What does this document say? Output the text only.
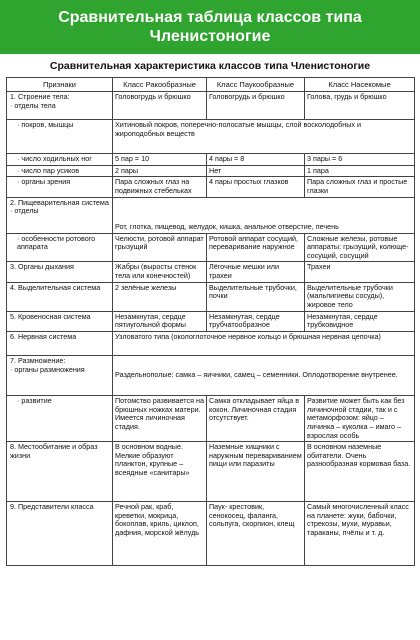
Сравнительная таблица классов типа
Членистоногие
Сравнительная характеристика классов типа Членистоногие
Признаки	Класс Ракообразные	Класс Паукообразные	Класс Насекомые
1. Строение тела:
· отделы тела	Головогрудь и брюшко	Головогрудь и брюшко	Голова, грудь и брюшко
· покров, мышцы	Хитиновый покров, поперечно-полосатые мышцы, слой восколодобных и жироподобных веществ		
· число ходильных ног	5 пар = 10	4 пары = 8	3 пары = 6
· число пар усиков	2 пары	Нет	1 пара
· органы зрения	Пара сложных глаз на подвижных стебельках	4 пары простых глазков	Пара сложных глаз и простые глазки
2. Пищеварительная система
· отделы	Рот, глотка, пищевод, желудок, кишка, анальное отверстие, печень		
· особенности ротового аппарата	Челюсти, ротовой аппарат грызущий	Ротовой аппарат сосущий, переваривание наружное	Сложные железы, ротовые аппараты: грызущий, колюще-сосущий, сосущий
3. Органы дыхания	Жабры (выросты стенок тела или конечностей)	Лёгочные мешки или трахеи	Трахеи
4. Выделительная система	2 зелёные железы	Выделительные трубочки, почки	Выделительные трубочки (мальпигиевы сосуды), жировое тело
5. Кровеносная система	Незамкнутая, сердце пятиугольной формы	Незамкнутая, сердце трубчатообразное	Незамкнутая, сердце трубковидное
6. Нервная система	Узловатого типа (окологлоточное нервное кольцо и брюшная нервная цепочка)		
7. Размножение:
· органы размножения	Раздельнополые: самка – яичники, самец – семенники. Оплодотворение внутренее.		
· развитие	Потомство развивается на брюшных ножках матери. Имеется личиночная стадия.	Самка откладывает яйца в кокон. Личиночная стадия отсутствует.	Развитие может быть как без личиночной стадии, так и с метаморфозом: яйцо – личинка – куколка – имаго – взрослая особь
8. Местообитание и образ жизни	В основном водные. Мелкие образуют планктон, крупные – всеядные «санитары»	Наземные хищники с наружным перевариванием пищи или паразиты	В основном наземные обитатели. Очень разнообразная кормовая база.
9. Представители класса	Речной рак, краб, креветки, мокрица, бокоплав, криль, циклоп, дафния, морской жёлудь	Паук- крестовик, сенокосец, фаланга, сольпуга, скорпион, клещ	Самый многочисленный класс на планете: жуки, бабочки, стрекозы, мухи, муравьи, тараканы, пчёлы и т. д.
